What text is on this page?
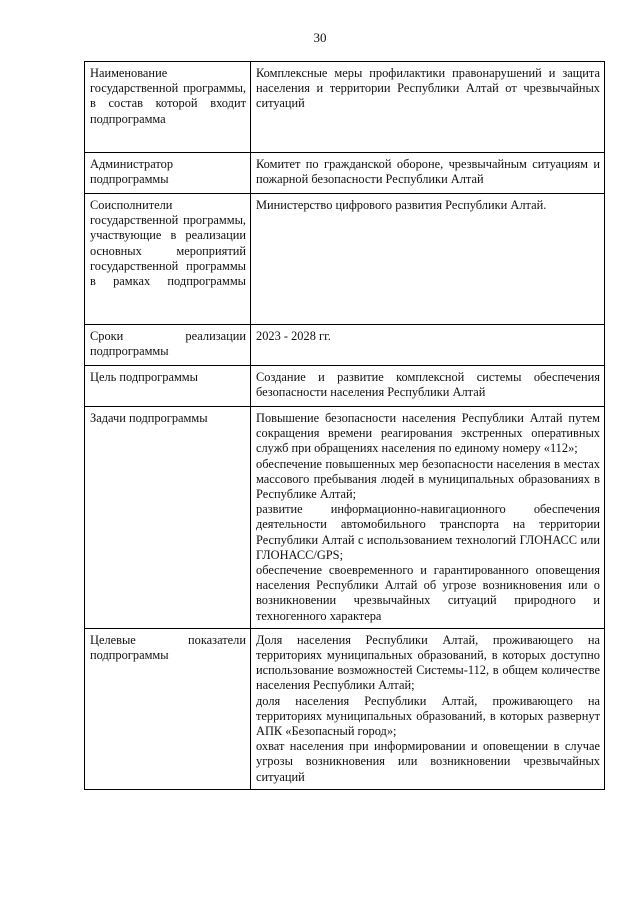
30
Наименование государственной программы, в состав которой входит подпрограмма	Комплексные меры профилактики правонарушений и защита населения и территории Республики Алтай от чрезвычайных ситуаций

Администратор подпрограммы	Комитет по гражданской обороне, чрезвычайным ситуациям и пожарной безопасности Республики Алтай

Соисполнители государственной программы, участвующие в реализации основных мероприятий государственной программы в рамках подпрограммы	Министерство цифрового развития Республики Алтай.

Сроки реализации подпрограммы	2023 - 2028 гг.

Цель подпрограммы	Создание и развитие комплексной системы обеспечения безопасности населения Республики Алтай

Задачи подпрограммы	Повышение безопасности населения Республики Алтай путем сокращения времени реагирования экстренных оперативных служб при обращениях населения по единому номеру «112»;
обеспечение повышенных мер безопасности населения в местах массового пребывания людей в муниципальных образованиях в Республике Алтай;
развитие информационно-навигационного обеспечения деятельности автомобильного транспорта на территории Республики Алтай с использованием технологий ГЛОНАСС или ГЛОНАСС/GPS;
обеспечение своевременного и гарантированного оповещения населения Республики Алтай об угрозе возникновения или о возникновении чрезвычайных ситуаций природного и техногенного характера

Целевые показатели подпрограммы	Доля населения Республики Алтай, проживающего на территориях муниципальных образований, в которых доступно использование возможностей Системы-112, в общем количестве населения Республики Алтай;
доля населения Республики Алтай, проживающего на территориях муниципальных образований, в которых развернут АПК «Безопасный город»;
охват населения при информировании и оповещении в случае угрозы возникновения или возникновении чрезвычайных ситуаций
